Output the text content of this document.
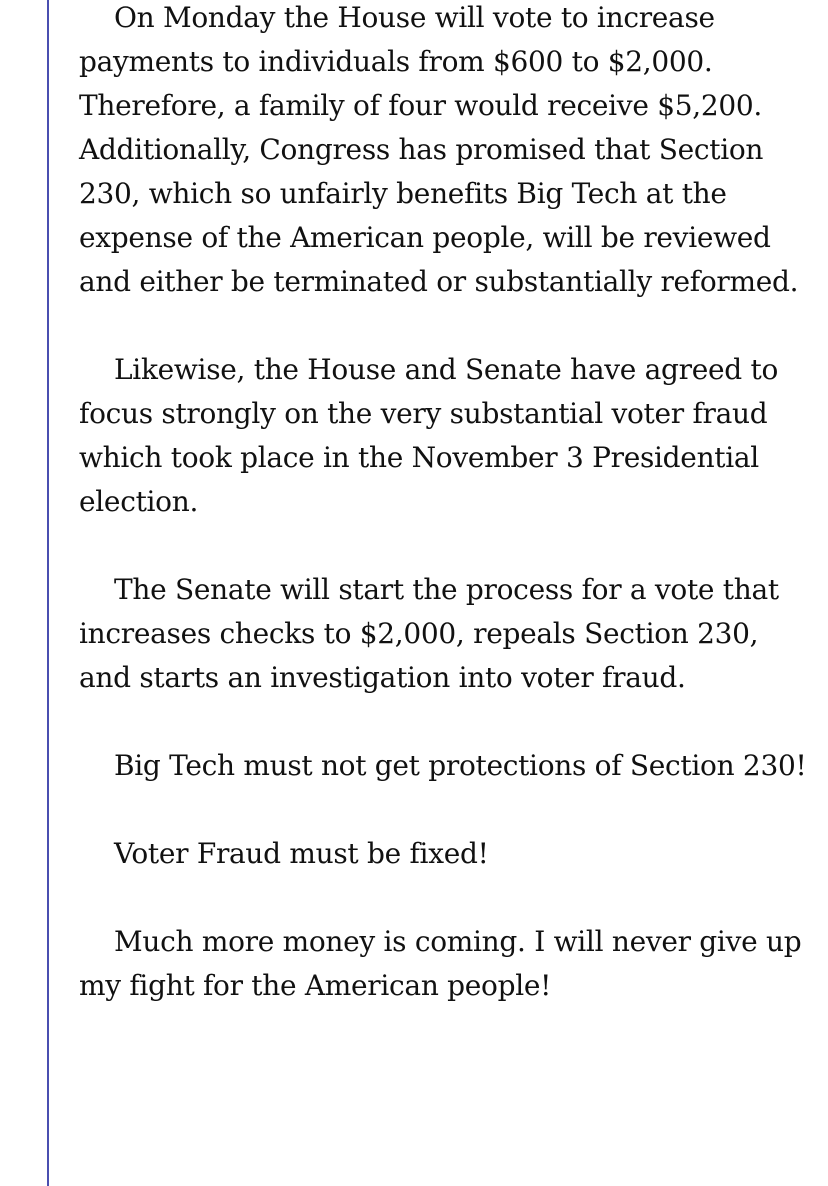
On Monday the House will vote to increase payments to individuals from $600 to $2,000. Therefore, a family of four would receive $5,200. Additionally, Congress has promised that Section 230, which so unfairly benefits Big Tech at the expense of the American people, will be reviewed and either be terminated or substantially reformed.

Likewise, the House and Senate have agreed to focus strongly on the very substantial voter fraud which took place in the November 3 Presidential election.

The Senate will start the process for a vote that increases checks to $2,000, repeals Section 230, and starts an investigation into voter fraud.

Big Tech must not get protections of Section 230!

Voter Fraud must be fixed!

Much more money is coming. I will never give up my fight for the American people!
